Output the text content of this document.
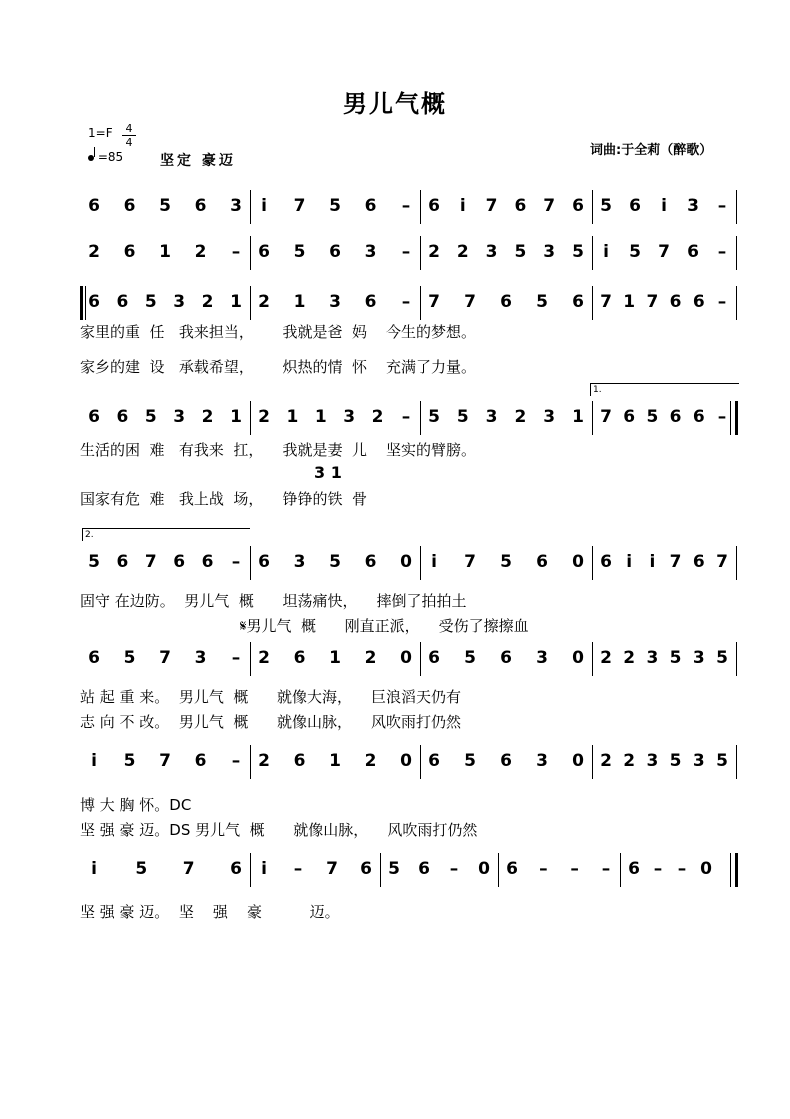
男儿气概
1=F	4
4
=85	坚定 豪迈
词曲:于全莉（醉歌）
6 6 5 6 3 i 7 5 6 – 6 i 7 6 7 6 5 6 i 3 –
2 6 1 2 – 6 5 6 3 – 2 2 3 5 3 5 i 5 7 6 –
6 6 5 3 2 1 2 1 3 6 – 7 7 6 5 6 7 1 7 6 6 –
6 6 5 3 2 1 2 1 1 3 2 – 5 5 3 2 3 1 7 6 5 6 6 –
5 6 7 6 6 – 6 3 5 6 0 i 7 5 6 0 6 i i 7 6 7
6 5 7 3 – 2 6 1 2 0 6 5 6 3 0 2 2 3 5 3 5
i 5 7 6 – 2 6 1 2 0 6 5 6 3 0 2 2 3 5 3 5
i 5 7 6 i – 7 6 5 6 – 0 6 – – – 6 – – 0
家里的重  任   我来担当，      我就是爸  妈    今生的梦想。
家乡的建  设   承载希望，      炽热的情  怀    充满了力量。
生活的困  难   有我来  扛，    我就是妻  儿    坚实的臂膀。
3 1
国家有危  难   我上战  场，    铮铮的铁  骨
固守 在边防。  男儿气  概      坦荡痛快，    摔倒了拍拍土
𝄋男儿气  概      刚直正派，    受伤了擦擦血
站 起 重 来。  男儿气  概      就像大海，    巨浪滔天仍有
志 向 不 改。  男儿气  概      就像山脉，    风吹雨打仍然
博 大 胸 怀。DC
坚 强 豪 迈。DS 男儿气  概      就像山脉，    风吹雨打仍然
坚 强 豪 迈。  坚    强    豪          迈。
1.
2.
